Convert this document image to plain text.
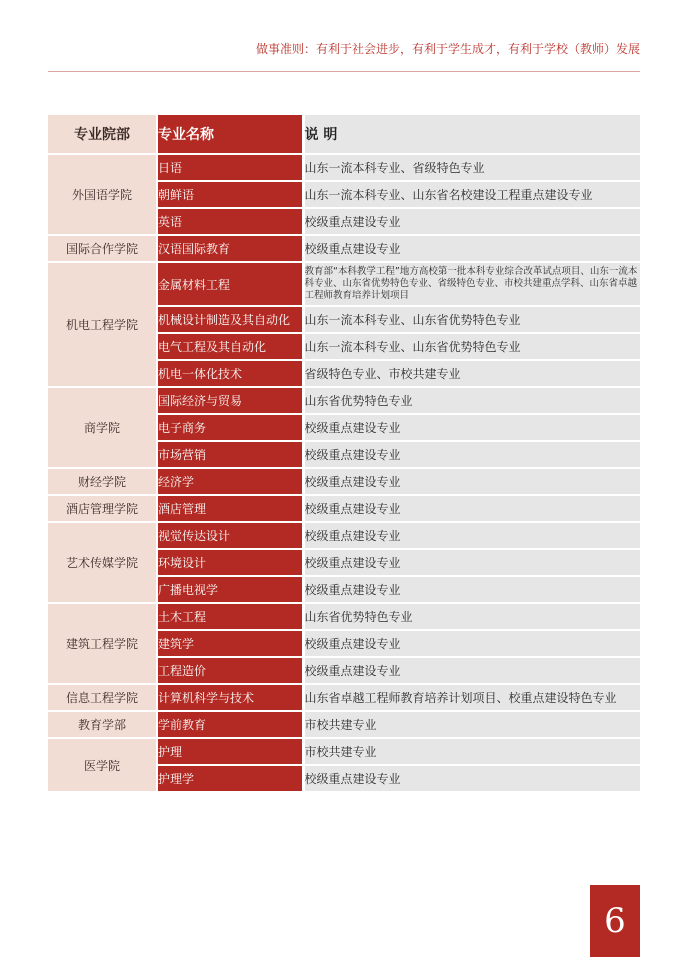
做事准则：有利于社会进步，有利于学生成才，有利于学校（教师）发展
专业院部	专业名称	说 明
外国语学院	日语	山东一流本科专业、省级特色专业
	朝鲜语	山东一流本科专业、山东省名校建设工程重点建设专业
	英语	校级重点建设专业
国际合作学院	汉语国际教育	校级重点建设专业
机电工程学院	金属材料工程	教育部“本科教学工程”地方高校第一批本科专业综合改革试点项目、山东一流本科专业、山东省优势特色专业、省级特色专业、市校共建重点学科、山东省卓越工程师教育培养计划项目
	机械设计制造及其自动化	山东一流本科专业、山东省优势特色专业
	电气工程及其自动化	山东一流本科专业、山东省优势特色专业
	机电一体化技术	省级特色专业、市校共建专业
商学院	国际经济与贸易	山东省优势特色专业
	电子商务	校级重点建设专业
	市场营销	校级重点建设专业
财经学院	经济学	校级重点建设专业
酒店管理学院	酒店管理	校级重点建设专业
艺术传媒学院	视觉传达设计	校级重点建设专业
	环境设计	校级重点建设专业
	广播电视学	校级重点建设专业
建筑工程学院	土木工程	山东省优势特色专业
	建筑学	校级重点建设专业
	工程造价	校级重点建设专业
信息工程学院	计算机科学与技术	山东省卓越工程师教育培养计划项目、校重点建设特色专业
教育学部	学前教育	市校共建专业
医学院	护理	市校共建专业
	护理学	校级重点建设专业
6
